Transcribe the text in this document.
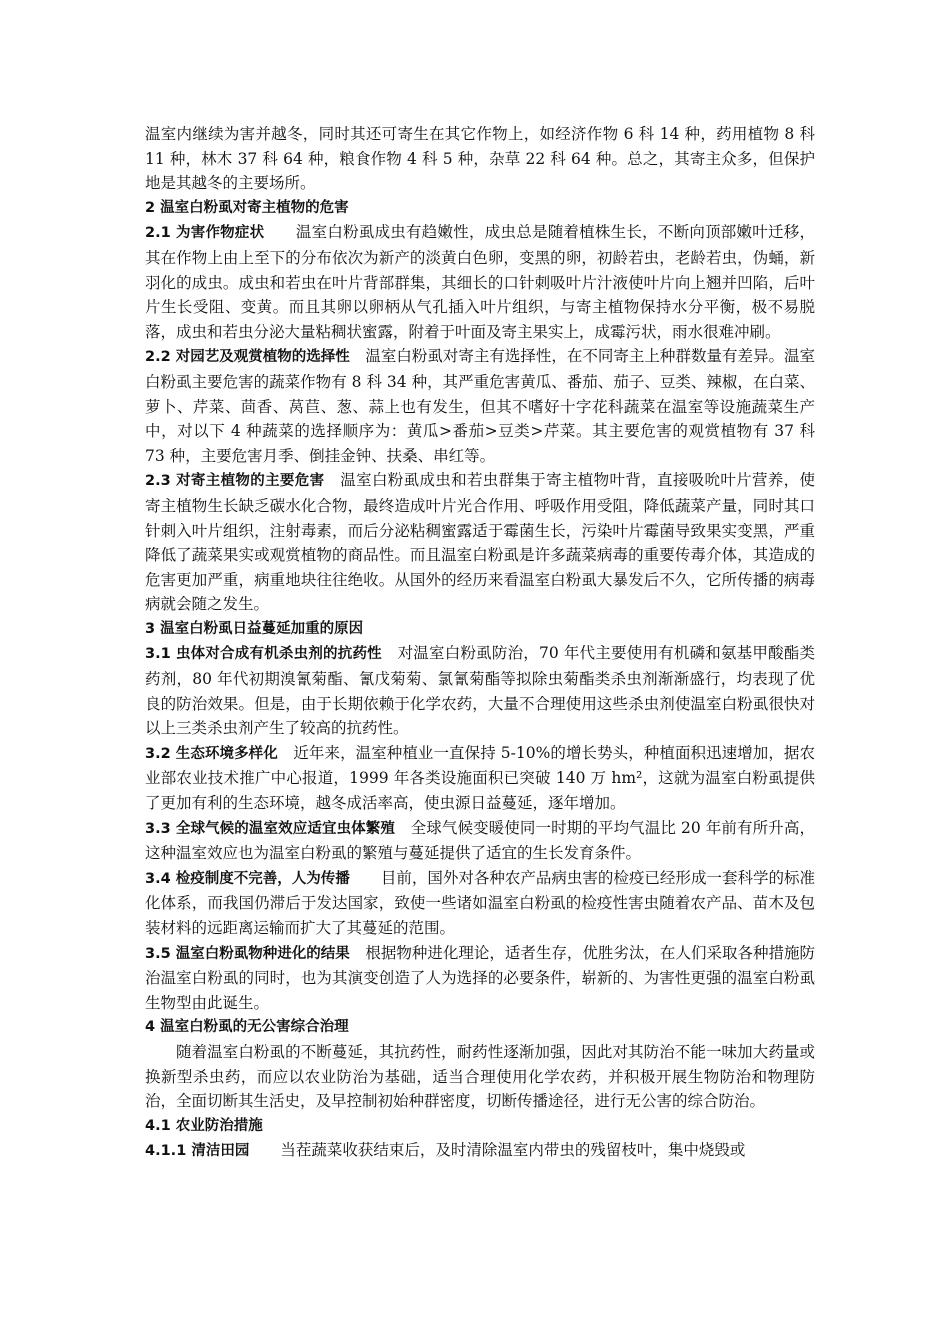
温室内继续为害并越冬，同时其还可寄生在其它作物上，如经济作物 6 科 14 种，药用植物 8 科 11 种，林木 37 科 64 种，粮食作物 4 科 5 种，杂草 22 科 64 种。总之，其寄主众多，但保护地是其越冬的主要场所。

2 温室白粉虱对寄主植物的危害

2.1 为害作物症状　　温室白粉虱成虫有趋嫩性，成虫总是随着植株生长，不断向顶部嫩叶迁移，其在作物上由上至下的分布依次为新产的淡黄白色卵，变黑的卵，初龄若虫，老龄若虫，伪蛹，新羽化的成虫。成虫和若虫在叶片背部群集，其细长的口针刺吸叶片汁液使叶片向上翘并凹陷，后叶片生长受阻、变黄。而且其卵以卵柄从气孔插入叶片组织，与寄主植物保持水分平衡，极不易脱落，成虫和若虫分泌大量粘稠状蜜露，附着于叶面及寄主果实上，成霉污状，雨水很难冲刷。

2.2 对园艺及观赏植物的选择性　温室白粉虱对寄主有选择性，在不同寄主上种群数量有差异。温室白粉虱主要危害的蔬菜作物有 8 科 34 种，其严重危害黄瓜、番茄、茄子、豆类、辣椒，在白菜、萝卜、芹菜、茴香、莴苣、葱、蒜上也有发生，但其不嗜好十字花科蔬菜在温室等设施蔬菜生产中，对以下 4 种蔬菜的选择顺序为：黄瓜>番茄>豆类>芹菜。其主要危害的观赏植物有 37 科 73 种，主要危害月季、倒挂金钟、扶桑、串红等。

2.3 对寄主植物的主要危害　温室白粉虱成虫和若虫群集于寄主植物叶背，直接吸吮叶片营养，使寄主植物生长缺乏碳水化合物，最终造成叶片光合作用、呼吸作用受阻，降低蔬菜产量，同时其口针刺入叶片组织，注射毒素，而后分泌粘稠蜜露适于霉菌生长，污染叶片霉菌导致果实变黑，严重降低了蔬菜果实或观赏植物的商品性。而且温室白粉虱是许多蔬菜病毒的重要传毒介体，其造成的危害更加严重，病重地块往往绝收。从国外的经历来看温室白粉虱大暴发后不久，它所传播的病毒病就会随之发生。

3 温室白粉虱日益蔓延加重的原因

3.1 虫体对合成有机杀虫剂的抗药性　对温室白粉虱防治，70 年代主要使用有机磷和氨基甲酸酯类药剂，80 年代初期溴氰菊酯、氰戊菊菊、氯氰菊酯等拟除虫菊酯类杀虫剂渐渐盛行，均表现了优良的防治效果。但是，由于长期依赖于化学农药，大量不合理使用这些杀虫剂使温室白粉虱很快对以上三类杀虫剂产生了较高的抗药性。

3.2 生态环境多样化　近年来，温室种植业一直保持 5-10%的增长势头，种植面积迅速增加，据农业部农业技术推广中心报道，1999 年各类设施面积已突破 140 万 hm²，这就为温室白粉虱提供了更加有利的生态环境，越冬成活率高，使虫源日益蔓延，逐年增加。

3.3 全球气候的温室效应适宜虫体繁殖　全球气候变暖使同一时期的平均气温比 20 年前有所升高，这种温室效应也为温室白粉虱的繁殖与蔓延提供了适宜的生长发育条件。

3.4 检疫制度不完善，人为传播　　目前，国外对各种农产品病虫害的检疫已经形成一套科学的标准化体系，而我国仍滞后于发达国家，致使一些诸如温室白粉虱的检疫性害虫随着农产品、苗木及包装材料的远距离运输而扩大了其蔓延的范围。

3.5 温室白粉虱物种进化的结果　根据物种进化理论，适者生存，优胜劣汰，在人们采取各种措施防治温室白粉虱的同时，也为其演变创造了人为选择的必要条件，崭新的、为害性更强的温室白粉虱生物型由此诞生。

4 温室白粉虱的无公害综合治理

随着温室白粉虱的不断蔓延，其抗药性，耐药性逐渐加强，因此对其防治不能一味加大药量或换新型杀虫药，而应以农业防治为基础，适当合理使用化学农药，并积极开展生物防治和物理防治，全面切断其生活史，及早控制初始种群密度，切断传播途径，进行无公害的综合防治。

4.1 农业防治措施

4.1.1 清洁田园　　当茬蔬菜收获结束后，及时清除温室内带虫的残留枝叶，集中烧毁或
